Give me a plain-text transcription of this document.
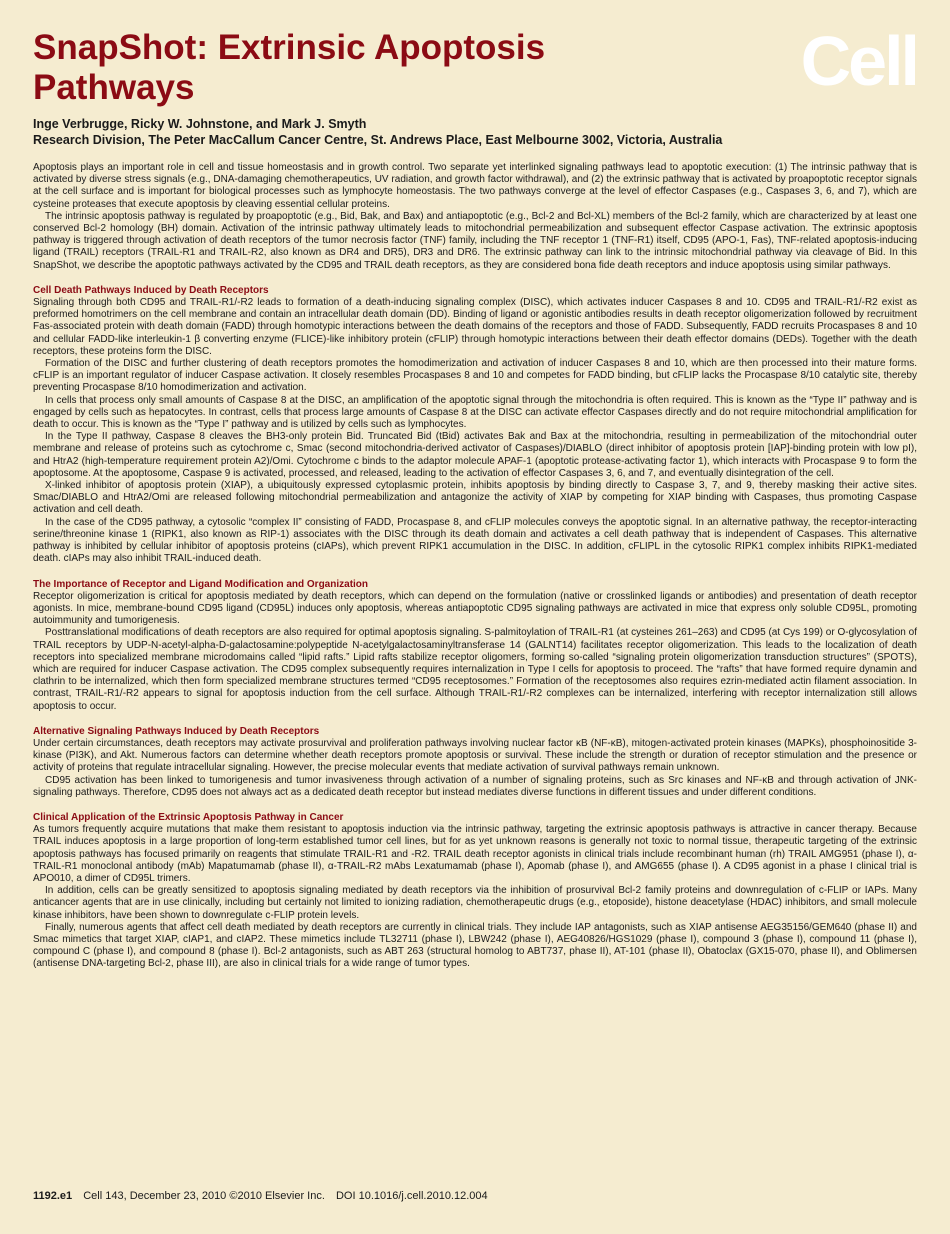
SnapShot: Extrinsic Apoptosis
Pathways	Cell
Inge Verbrugge, Ricky W. Johnstone, and Mark J. Smyth
Research Division, The Peter MacCallum Cancer Centre, St. Andrews Place, East Melbourne 3002, Victoria, Australia

Apoptosis plays an important role in cell and tissue homeostasis and in growth control. Two separate yet interlinked signaling pathways lead to apoptotic execution: (1) The intrinsic pathway that is activated by diverse stress signals (e.g., DNA-damaging chemotherapeutics, UV radiation, and growth factor withdrawal), and (2) the extrinsic pathway that is activated by proapoptotic receptor signals at the cell surface and is important for biological processes such as lymphocyte homeostasis. The two pathways converge at the level of effector Caspases (e.g., Caspases 3, 6, and 7), which are cysteine proteases that execute apoptosis by cleaving essential cellular proteins.

The intrinsic apoptosis pathway is regulated by proapoptotic (e.g., Bid, Bak, and Bax) and antiapoptotic (e.g., Bcl-2 and Bcl-XL) members of the Bcl-2 family, which are characterized by at least one conserved Bcl-2 homology (BH) domain. Activation of the intrinsic pathway ultimately leads to mitochondrial permeabilization and subsequent effector Caspase activation. The extrinsic apoptosis pathway is triggered through activation of death receptors of the tumor necrosis factor (TNF) family, including the TNF receptor 1 (TNF-R1) itself, CD95 (APO-1, Fas), TNF-related apoptosis-inducing ligand (TRAIL) receptors (TRAIL-R1 and TRAIL-R2, also known as DR4 and DR5), DR3 and DR6. The extrinsic pathway can link to the intrinsic mitochondrial pathway via cleavage of Bid. In this SnapShot, we describe the apoptotic pathways activated by the CD95 and TRAIL death receptors, as they are considered bona fide death receptors and induce apoptosis using similar pathways.

Cell Death Pathways Induced by Death Receptors

Signaling through both CD95 and TRAIL-R1/-R2 leads to formation of a death-inducing signaling complex (DISC), which activates inducer Caspases 8 and 10. CD95 and TRAIL-R1/-R2 exist as preformed homotrimers on the cell membrane and contain an intracellular death domain (DD). Binding of ligand or agonistic antibodies results in death receptor oligomerization followed by recruitment Fas-associated protein with death domain (FADD) through homotypic interactions between the death domains of the receptors and those of FADD. Subsequently, FADD recruits Procaspases 8 and 10 and cellular FADD-like interleukin-1 β converting enzyme (FLICE)-like inhibitory protein (cFLIP) through homotypic interactions between their death effector domains (DEDs). Together with the death receptors, these proteins form the DISC.

Formation of the DISC and further clustering of death receptors promotes the homodimerization and activation of inducer Caspases 8 and 10, which are then processed into their mature forms. cFLIP is an important regulator of inducer Caspase activation. It closely resembles Procaspases 8 and 10 and competes for FADD binding, but cFLIP lacks the Procaspase 8/10 catalytic site, thereby preventing Procaspase 8/10 homodimerization and activation.

In cells that process only small amounts of Caspase 8 at the DISC, an amplification of the apoptotic signal through the mitochondria is often required. This is known as the “Type II” pathway and is engaged by cells such as hepatocytes. In contrast, cells that process large amounts of Caspase 8 at the DISC can activate effector Caspases directly and do not require mitochondrial amplification for death to occur. This is known as the “Type I” pathway and is utilized by cells such as lymphocytes.

In the Type II pathway, Caspase 8 cleaves the BH3-only protein Bid. Truncated Bid (tBid) activates Bak and Bax at the mitochondria, resulting in permeabilization of the mitochondrial outer membrane and release of proteins such as cytochrome c, Smac (second mitochondria-derived activator of Caspases)/DIABLO (direct inhibitor of apoptosis protein [IAP]-binding protein with low pI), and HtrA2 (high-temperature requirement protein A2)/Omi. Cytochrome c binds to the adaptor molecule APAF-1 (apoptotic protease-activating factor 1), which interacts with Procaspase 9 to form the apoptosome. At the apoptosome, Caspase 9 is activated, processed, and released, leading to the activation of effector Caspases 3, 6, and 7, and eventually disintegration of the cell.

X-linked inhibitor of apoptosis protein (XIAP), a ubiquitously expressed cytoplasmic protein, inhibits apoptosis by binding directly to Caspase 3, 7, and 9, thereby masking their active sites. Smac/DIABLO and HtrA2/Omi are released following mitochondrial permeabilization and antagonize the activity of XIAP by competing for XIAP binding with Caspases, thus promoting Caspase activation and cell death.

In the case of the CD95 pathway, a cytosolic “complex II” consisting of FADD, Procaspase 8, and cFLIP molecules conveys the apoptotic signal. In an alternative pathway, the receptor-interacting serine/threonine kinase 1 (RIPK1, also known as RIP-1) associates with the DISC through its death domain and activates a cell death pathway that is independent of Caspases. This alternative pathway is inhibited by cellular inhibitor of apoptosis proteins (cIAPs), which prevent RIPK1 accumulation in the DISC. In addition, cFLIPL in the cytosolic RIPK1 complex inhibits RIPK1-mediated death. cIAPs may also inhibit TRAIL-induced death.

The Importance of Receptor and Ligand Modification and Organization

Receptor oligomerization is critical for apoptosis mediated by death receptors, which can depend on the formulation (native or crosslinked ligands or antibodies) and presentation of death receptor agonists. In mice, membrane-bound CD95 ligand (CD95L) induces only apoptosis, whereas antiapoptotic CD95 signaling pathways are activated in mice that express only soluble CD95L, promoting autoimmunity and tumorigenesis.

Posttranslational modifications of death receptors are also required for optimal apoptosis signaling. S-palmitoylation of TRAIL-R1 (at cysteines 261–263) and CD95 (at Cys 199) or O-glycosylation of TRAIL receptors by UDP-N-acetyl-alpha-D-galactosamine:polypeptide N-acetylgalactosaminyltransferase 14 (GALNT14) facilitates receptor oligomerization. This leads to the localization of death receptors into specialized membrane microdomains called “lipid rafts.” Lipid rafts stabilize receptor oligomers, forming so-called “signaling protein oligomerization transduction structures” (SPOTS), which are required for inducer Caspase activation. The CD95 complex subsequently requires internalization in Type I cells for apoptosis to proceed. The “rafts” that have formed require dynamin and clathrin to be internalized, which then form specialized membrane structures termed “CD95 receptosomes.” Formation of the receptosomes also requires ezrin-mediated actin filament association. In contrast, TRAIL-R1/-R2 appears to signal for apoptosis induction from the cell surface. Although TRAIL-R1/-R2 complexes can be internalized, interfering with receptor internalization still allows apoptosis to occur.

Alternative Signaling Pathways Induced by Death Receptors

Under certain circumstances, death receptors may activate prosurvival and proliferation pathways involving nuclear factor κB (NF-κB), mitogen-activated protein kinases (MAPKs), phosphoinositide 3-kinase (PI3K), and Akt. Numerous factors can determine whether death receptors promote apoptosis or survival. These include the strength or duration of receptor stimulation and the presence or activity of proteins that regulate intracellular signaling. However, the precise molecular events that mediate activation of survival pathways remain unknown.

CD95 activation has been linked to tumorigenesis and tumor invasiveness through activation of a number of signaling proteins, such as Src kinases and NF-κB and through activation of JNK-signaling pathways. Therefore, CD95 does not always act as a dedicated death receptor but instead mediates diverse functions in different tissues and under different conditions.

Clinical Application of the Extrinsic Apoptosis Pathway in Cancer

As tumors frequently acquire mutations that make them resistant to apoptosis induction via the intrinsic pathway, targeting the extrinsic apoptosis pathways is attractive in cancer therapy. Because TRAIL induces apoptosis in a large proportion of long-term established tumor cell lines, but for as yet unknown reasons is generally not toxic to normal tissue, therapeutic targeting of the extrinsic apoptosis pathways has focused primarily on reagents that stimulate TRAIL-R1 and -R2. TRAIL death receptor agonists in clinical trials include recombinant human (rh) TRAIL AMG951 (phase I), α-TRAIL-R1 monoclonal antibody (mAb) Mapatumamab (phase II), α-TRAIL-R2 mAbs Lexatumamab (phase I), Apomab (phase I), and AMG655 (phase I). A CD95 agonist in a phase I clinical trial is APO010, a dimer of CD95L trimers.

In addition, cells can be greatly sensitized to apoptosis signaling mediated by death receptors via the inhibition of prosurvival Bcl-2 family proteins and downregulation of c-FLIP or IAPs. Many anticancer agents that are in use clinically, including but certainly not limited to ionizing radiation, chemotherapeutic drugs (e.g., etoposide), histone deacetylase (HDAC) inhibitors, and small molecule kinase inhibitors, have been shown to downregulate c-FLIP protein levels.

Finally, numerous agents that affect cell death mediated by death receptors are currently in clinical trials. They include IAP antagonists, such as XIAP antisense AEG35156/GEM640 (phase II) and Smac mimetics that target XIAP, cIAP1, and cIAP2. These mimetics include TL32711 (phase I), LBW242 (phase I), AEG40826/HGS1029 (phase I), compound 3 (phase I), compound 11 (phase I), compound C (phase I), and compound 8 (phase I). Bcl-2 antagonists, such as ABT 263 (structural homolog to ABT737, phase II), AT-101 (phase II), Obatoclax (GX15-070, phase II), and Oblimersen (antisense DNA-targeting Bcl-2, phase III), are also in clinical trials for a wide range of tumor types.

1192.e1 Cell 143, December 23, 2010 ©2010 Elsevier Inc. DOI 10.1016/j.cell.2010.12.004
